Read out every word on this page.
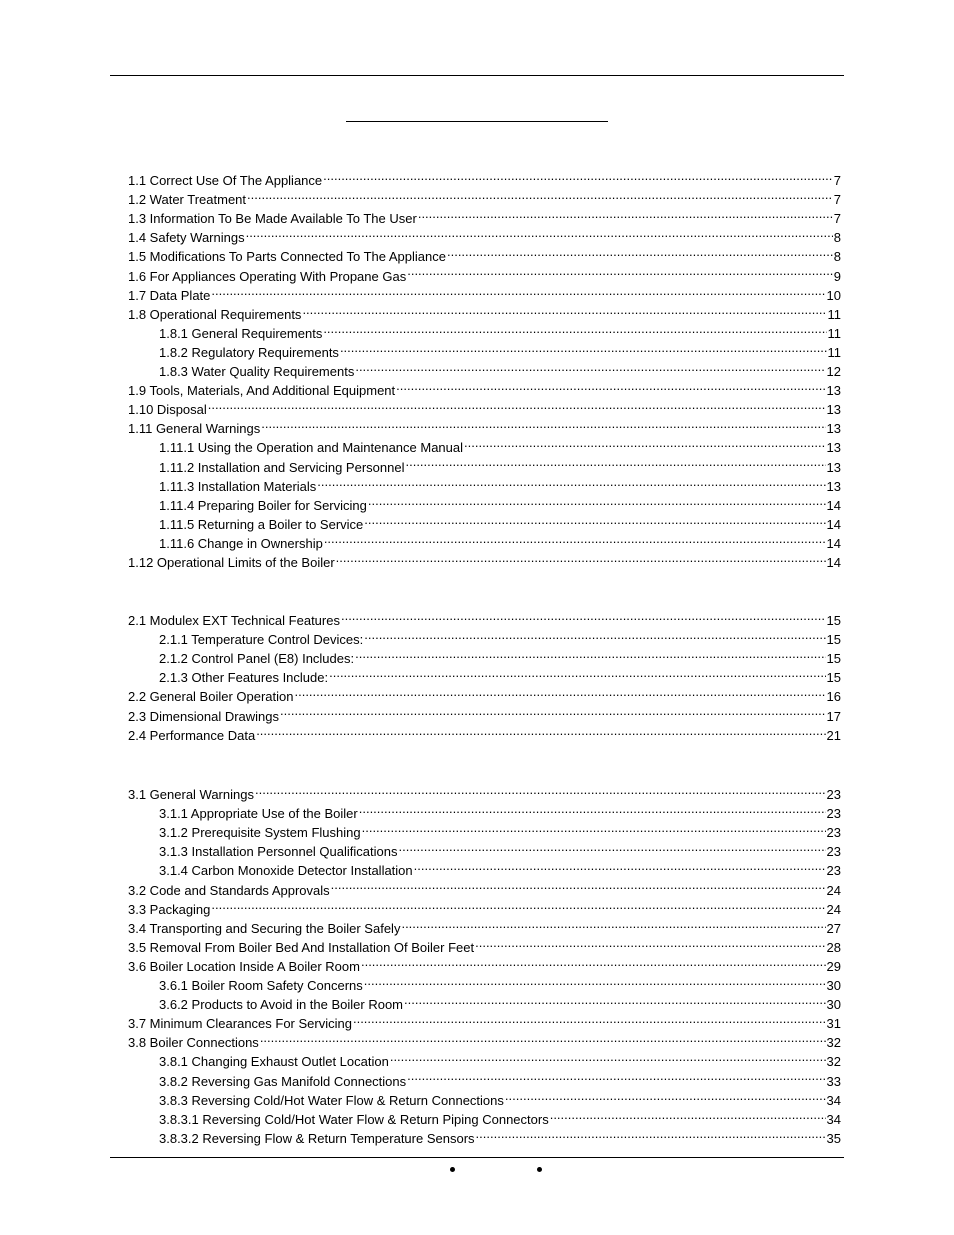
1.1 Correct Use Of The Appliance .....	7
1.2 Water Treatment .....	7
1.3 Information To Be Made Available To The User .....	7
1.4 Safety Warnings .....	8
1.5 Modifications To Parts Connected To The Appliance .....	8
1.6 For Appliances Operating With Propane Gas .....	9
1.7 Data Plate .....	10
1.8 Operational Requirements .....	11
1.8.1 General Requirements .....	11
1.8.2 Regulatory Requirements .....	11
1.8.3 Water Quality Requirements .....	12
1.9 Tools, Materials, And Additional Equipment .....	13
1.10 Disposal .....	13
1.11 General Warnings .....	13
1.11.1 Using the Operation and Maintenance Manual .....	13
1.11.2 Installation and Servicing Personnel .....	13
1.11.3 Installation Materials .....	13
1.11.4 Preparing Boiler for Servicing .....	14
1.11.5 Returning a Boiler to Service .....	14
1.11.6 Change in Ownership .....	14
1.12 Operational Limits of the Boiler .....	14
2.1 Modulex EXT Technical Features .....	15
2.1.1 Temperature Control Devices: .....	15
2.1.2 Control Panel (E8) Includes: .....	15
2.1.3 Other Features Include: .....	15
2.2 General Boiler Operation .....	16
2.3 Dimensional Drawings .....	17
2.4 Performance Data .....	21
3.1 General Warnings .....	23
3.1.1 Appropriate Use of the Boiler .....	23
3.1.2 Prerequisite System Flushing .....	23
3.1.3 Installation Personnel Qualifications .....	23
3.1.4 Carbon Monoxide Detector Installation .....	23
3.2 Code and Standards Approvals .....	24
3.3 Packaging .....	24
3.4 Transporting and Securing the Boiler Safely .....	27
3.5 Removal From Boiler Bed And Installation Of Boiler Feet .....	28
3.6 Boiler Location Inside A Boiler Room .....	29
3.6.1 Boiler Room Safety Concerns .....	30
3.6.2 Products to Avoid in the Boiler Room .....	30
3.7 Minimum Clearances For Servicing .....	31
3.8 Boiler Connections .....	32
3.8.1 Changing Exhaust Outlet Location .....	32
3.8.2 Reversing Gas Manifold Connections .....	33
3.8.3 Reversing Cold/Hot Water Flow & Return Connections .....	34
3.8.3.1 Reversing Cold/Hot Water Flow & Return Piping Connectors .....	34
3.8.3.2 Reversing Flow & Return Temperature Sensors .....	35
